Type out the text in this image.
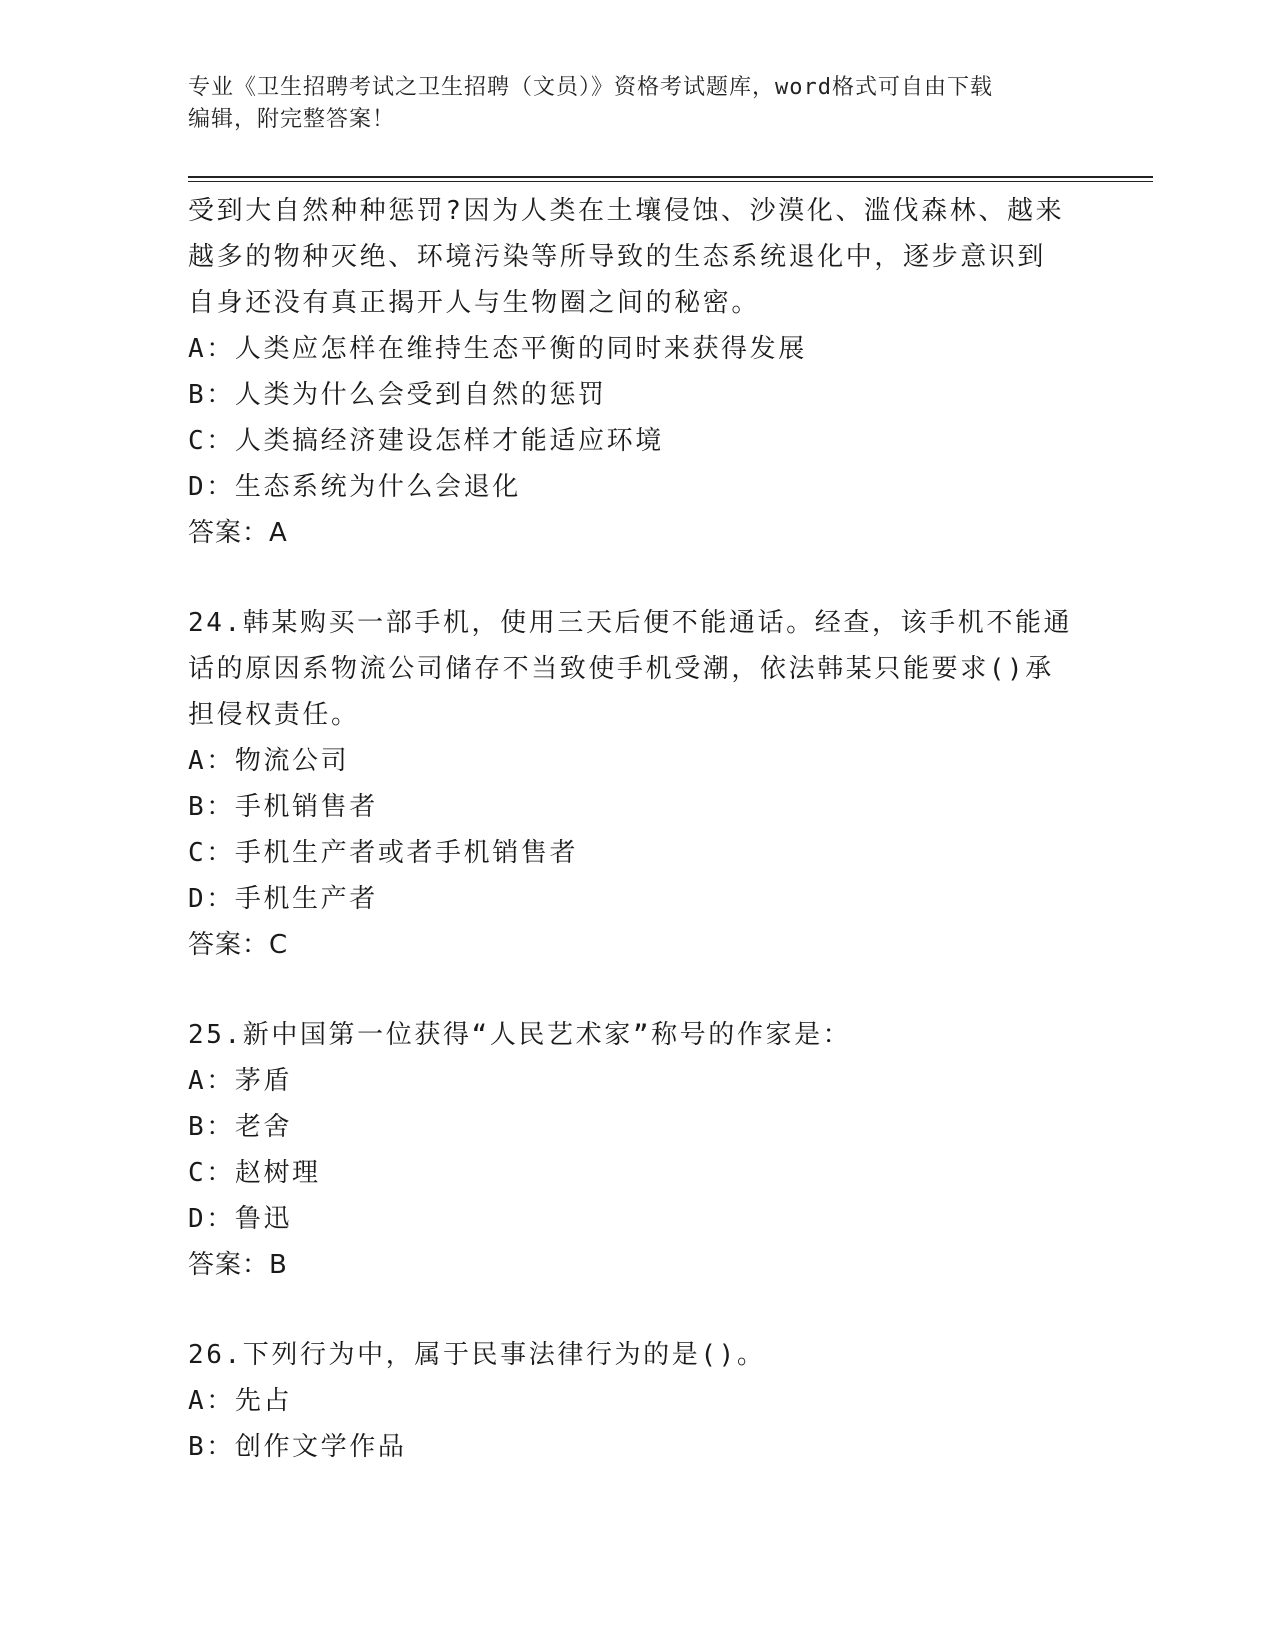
专业《卫生招聘考试之卫生招聘（文员）》资格考试题库，word格式可自由下载
编辑，附完整答案！
受到大自然种种惩罚?因为人类在土壤侵蚀、沙漠化、滥伐森林、越来
越多的物种灭绝、环境污染等所导致的生态系统退化中，逐步意识到
自身还没有真正揭开人与生物圈之间的秘密。
A：人类应怎样在维持生态平衡的同时来获得发展
B：人类为什么会受到自然的惩罚
C：人类搞经济建设怎样才能适应环境
D：生态系统为什么会退化
答案：A
24.韩某购买一部手机，使用三天后便不能通话。经查，该手机不能通
话的原因系物流公司储存不当致使手机受潮，依法韩某只能要求()承
担侵权责任。
A：物流公司
B：手机销售者
C：手机生产者或者手机销售者
D：手机生产者
答案：C
25.新中国第一位获得“人民艺术家”称号的作家是：
A：茅盾
B：老舍
C：赵树理
D：鲁迅
答案：B
26.下列行为中，属于民事法律行为的是()。
A：先占
B：创作文学作品
